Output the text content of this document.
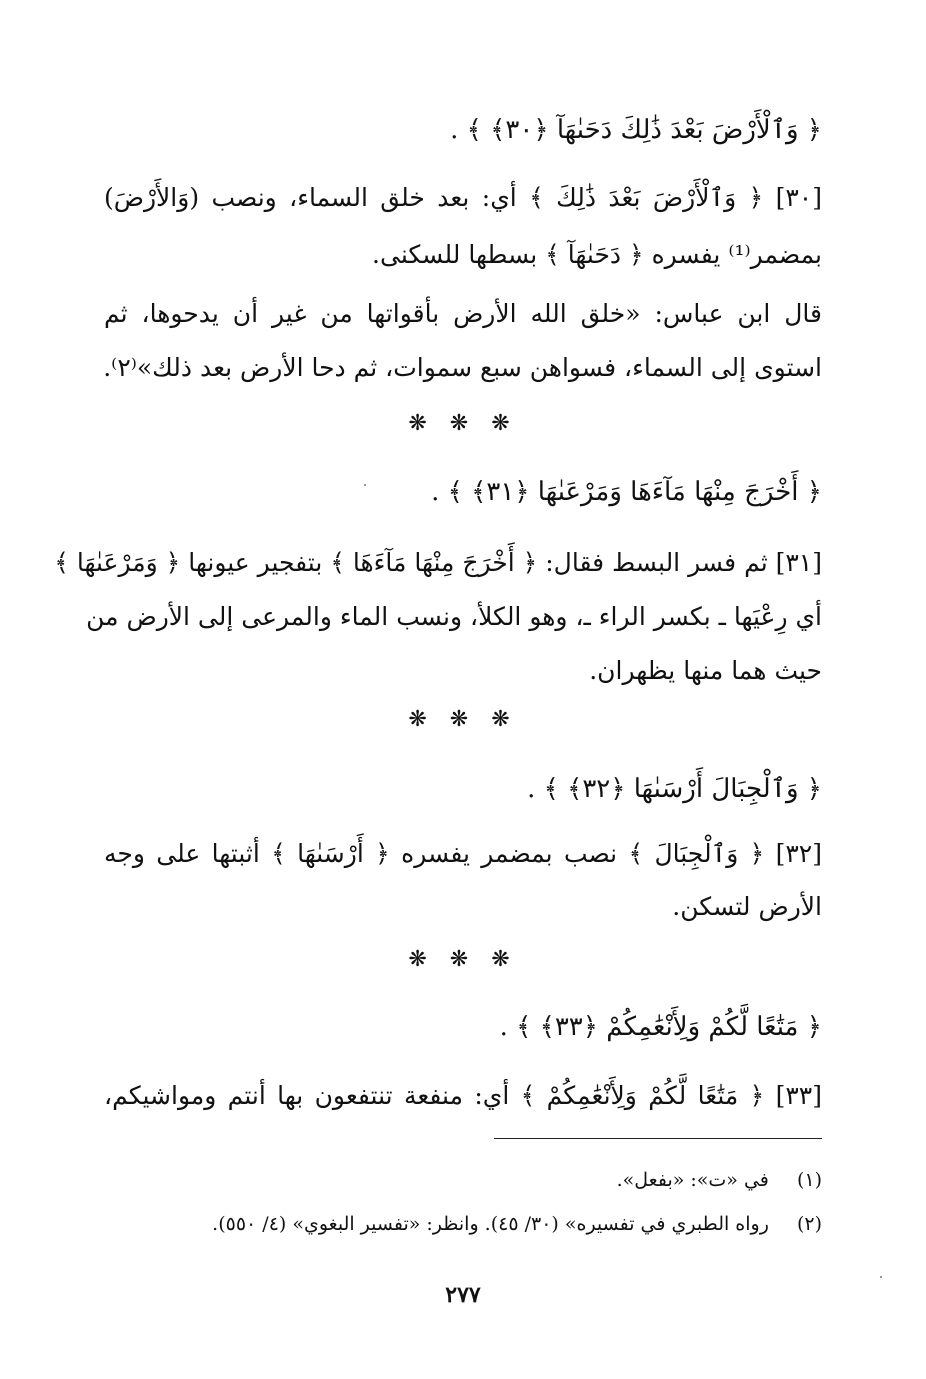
﴿ وَٱلْأَرْضَ بَعْدَ ذَٰلِكَ دَحَىٰهَآ ﴿٣٠﴾ ﴾ .
[٣٠] ﴿ وَٱلْأَرْضَ بَعْدَ ذَٰلِكَ ﴾ أي: بعد خلق السماء، ونصب (وَالأَرْضَ)
بمضمر⁽¹⁾ يفسره ﴿ دَحَىٰهَآ ﴾ بسطها للسكنى.
قال ابن عباس: «خلق الله الأرض بأقواتها من غير أن يدحوها، ثم
استوى إلى السماء، فسواهن سبع سموات، ثم دحا الأرض بعد ذلك»⁽٢⁾.
❋ ❋ ❋
﴿ أَخْرَجَ مِنْهَا مَآءَهَا وَمَرْعَىٰهَا ﴿٣١﴾ ﴾ .
[٣١] ثم فسر البسط فقال: ﴿ أَخْرَجَ مِنْهَا مَآءَهَا ﴾ بتفجير عيونها ﴿ وَمَرْعَىٰهَا ﴾
أي رِعْيَها ـ بكسر الراء ـ، وهو الكلأ، ونسب الماء والمرعى إلى الأرض من
حيث هما منها يظهران.
❋ ❋ ❋
﴿ وَٱلْجِبَالَ أَرْسَىٰهَا ﴿٣٢﴾ ﴾ .
[٣٢] ﴿ وَٱلْجِبَالَ ﴾ نصب بمضمر يفسره ﴿ أَرْسَىٰهَا ﴾ أثبتها على وجه
الأرض لتسكن.
❋ ❋ ❋
﴿ مَتَٰعًا لَّكُمْ وَلِأَنْعَٰمِكُمْ ﴿٣٣﴾ ﴾ .
[٣٣] ﴿ مَتَٰعًا لَّكُمْ وَلِأَنْعَٰمِكُمْ ﴾ أي: منفعة تنتفعون بها أنتم ومواشيكم،
(١) في «ت»: «بفعل».
(٢) رواه الطبري في تفسيره» (٣٠/ ٤٥). وانظر: «تفسير البغوي» (٤/ ٥٥٠).
٢٧٧
